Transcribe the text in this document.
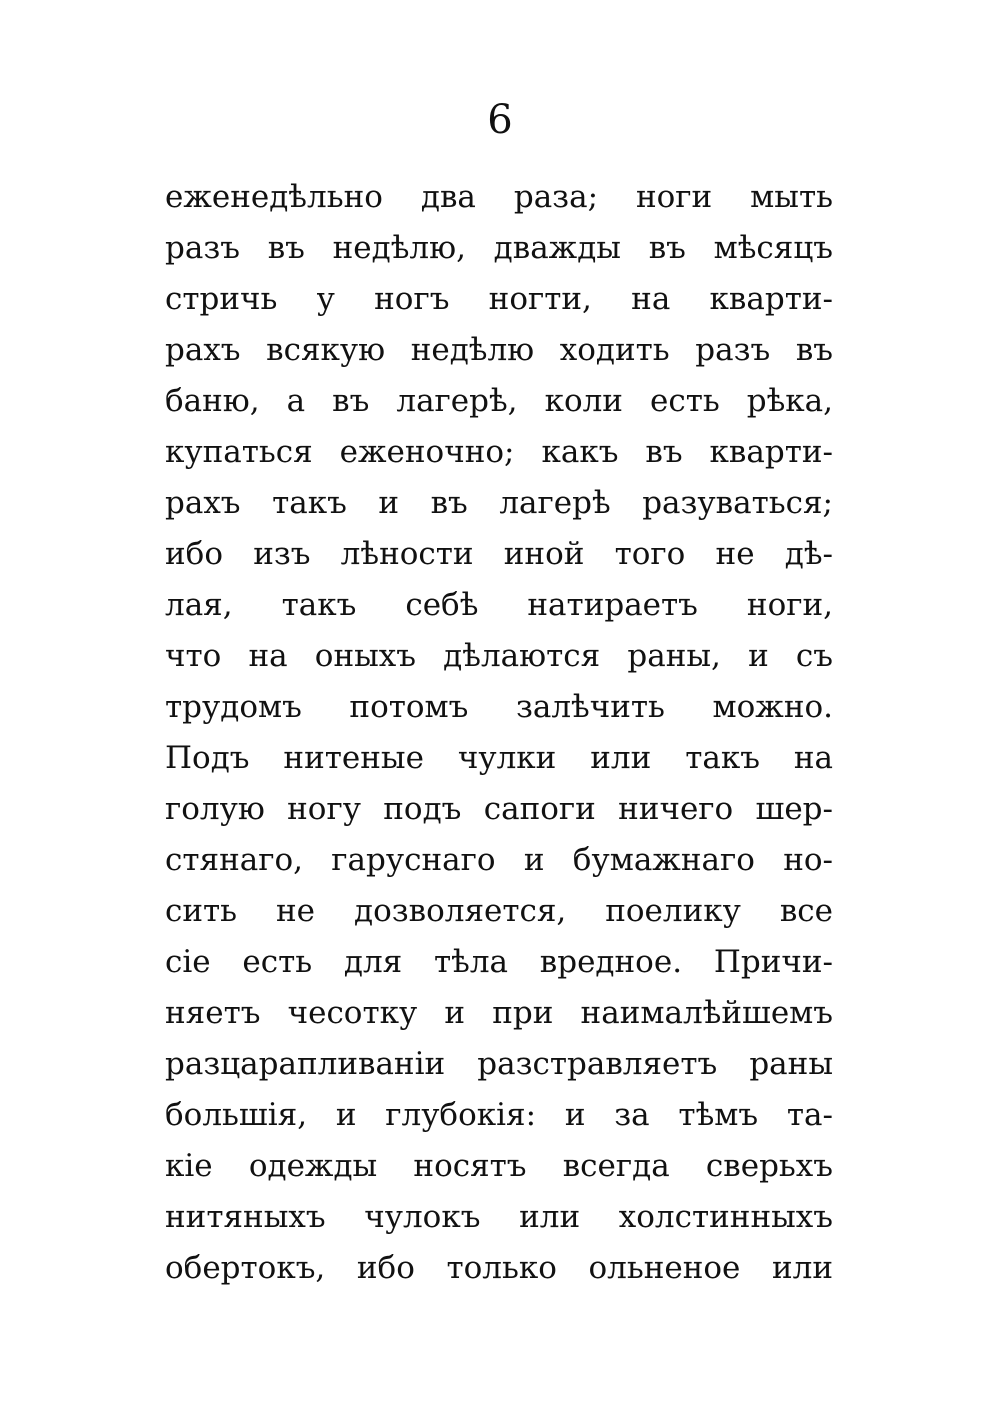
6
еженедѣльно два раза; ноги мыть
разъ въ недѣлю, дважды въ мѣсяцъ
стричь у ногъ ногти, на кварти-
рахъ всякую недѣлю ходить разъ въ
баню, а въ лагерѣ, коли есть рѣка,
купаться еженочно; какъ въ кварти-
рахъ такъ и въ лагерѣ разуваться;
ибо изъ лѣности иной того не дѣ-
лая, такъ себѣ натираетъ ноги,
что на оныхъ дѣлаются раны, и съ
трудомъ потомъ залѣчить можно.
Подъ нитеные чулки или такъ на
голую ногу подъ сапоги ничего шер-
стянаго, гаруснаго и бумажнаго но-
сить не дозволяется, поелику все
сіе есть для тѣла вредное. Причи-
няетъ чесотку и при наималѣйшемъ
разцарапливаніи разстравляетъ раны
большія, и глубокія: и за тѣмъ та-
кіе одежды носятъ всегда сверьхъ
нитяныхъ чулокъ или холстинныхъ
обертокъ, ибо только ольненое или
